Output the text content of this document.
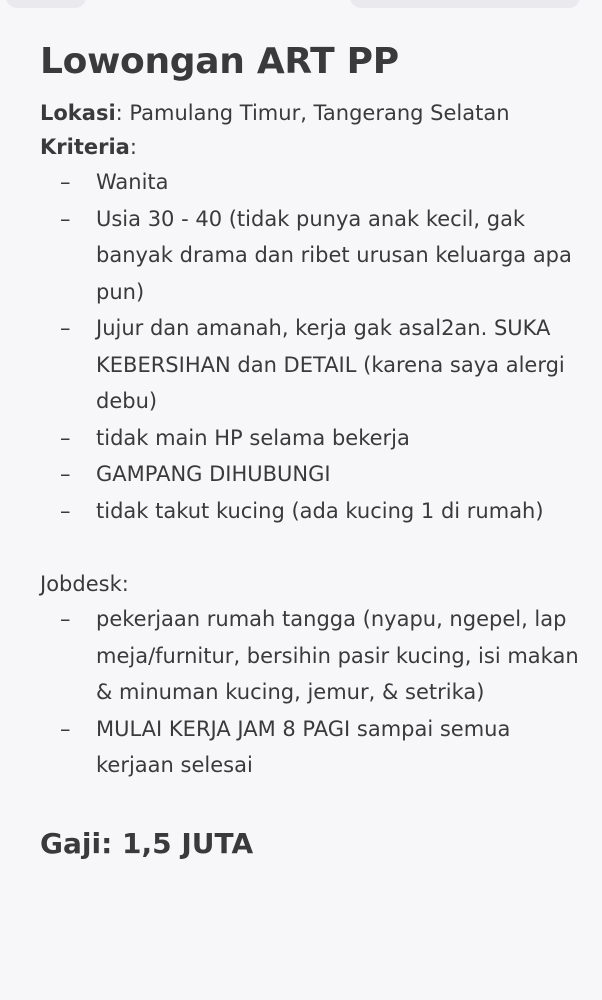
Lowongan ART PP
Lokasi: Pamulang Timur, Tangerang Selatan
Kriteria:
– Wanita
– Usia 30 - 40 (tidak punya anak kecil, gak banyak drama dan ribet urusan keluarga apa pun)
– Jujur dan amanah, kerja gak asal2an. SUKA KEBERSIHAN dan DETAIL (karena saya alergi debu)
– tidak main HP selama bekerja
– GAMPANG DIHUBUNGI
– tidak takut kucing (ada kucing 1 di rumah)
Jobdesk:
– pekerjaan rumah tangga (nyapu, ngepel, lap meja/furnitur, bersihin pasir kucing, isi makan & minuman kucing, jemur, & setrika)
– MULAI KERJA JAM 8 PAGI sampai semua kerjaan selesai
Gaji: 1,5 JUTA
